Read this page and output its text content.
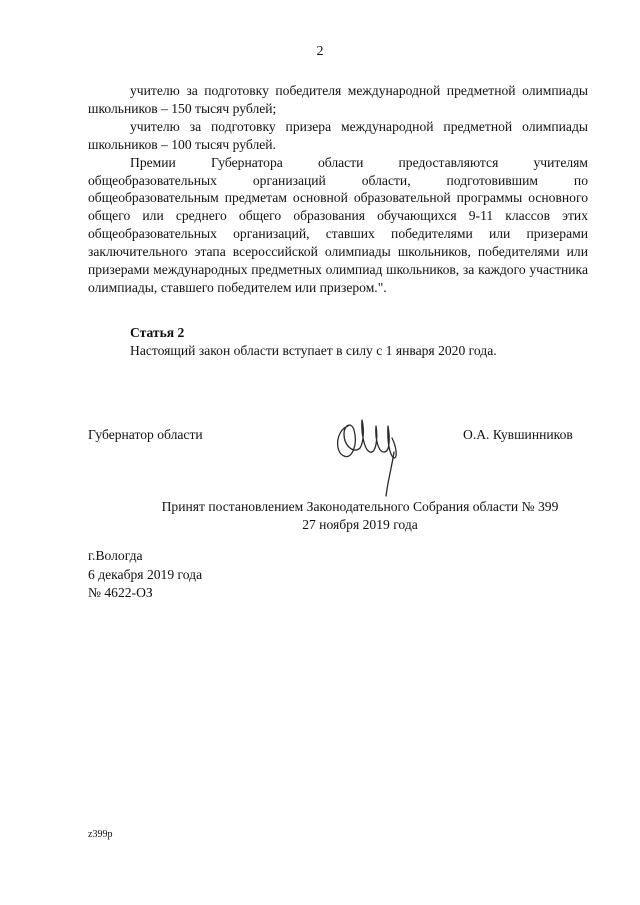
2

учителю за подготовку победителя международной предметной олимпиады школьников – 150 тысяч рублей;

учителю за подготовку призера международной предметной олимпиады школьников – 100 тысяч рублей.

Премии Губернатора области предоставляются учителям общеобразовательных организаций области, подготовившим по общеобразовательным предметам основной образовательной программы основного общего или среднего общего образования обучающихся 9-11 классов этих общеобразовательных организаций, ставших победителями или призерами заключительного этапа всероссийской олимпиады школьников, победителями или призерами международных предметных олимпиад школьников, за каждого участника олимпиады, ставшего победителем или призером.".

Статья 2
Настоящий закон области вступает в силу с 1 января 2020 года.
Губернатор области	О.А. Кувшинников
Принят постановлением Законодательного Собрания области № 399
27 ноября 2019 года
г.Вологда
6 декабря 2019 года
№ 4622-ОЗ
z399p
